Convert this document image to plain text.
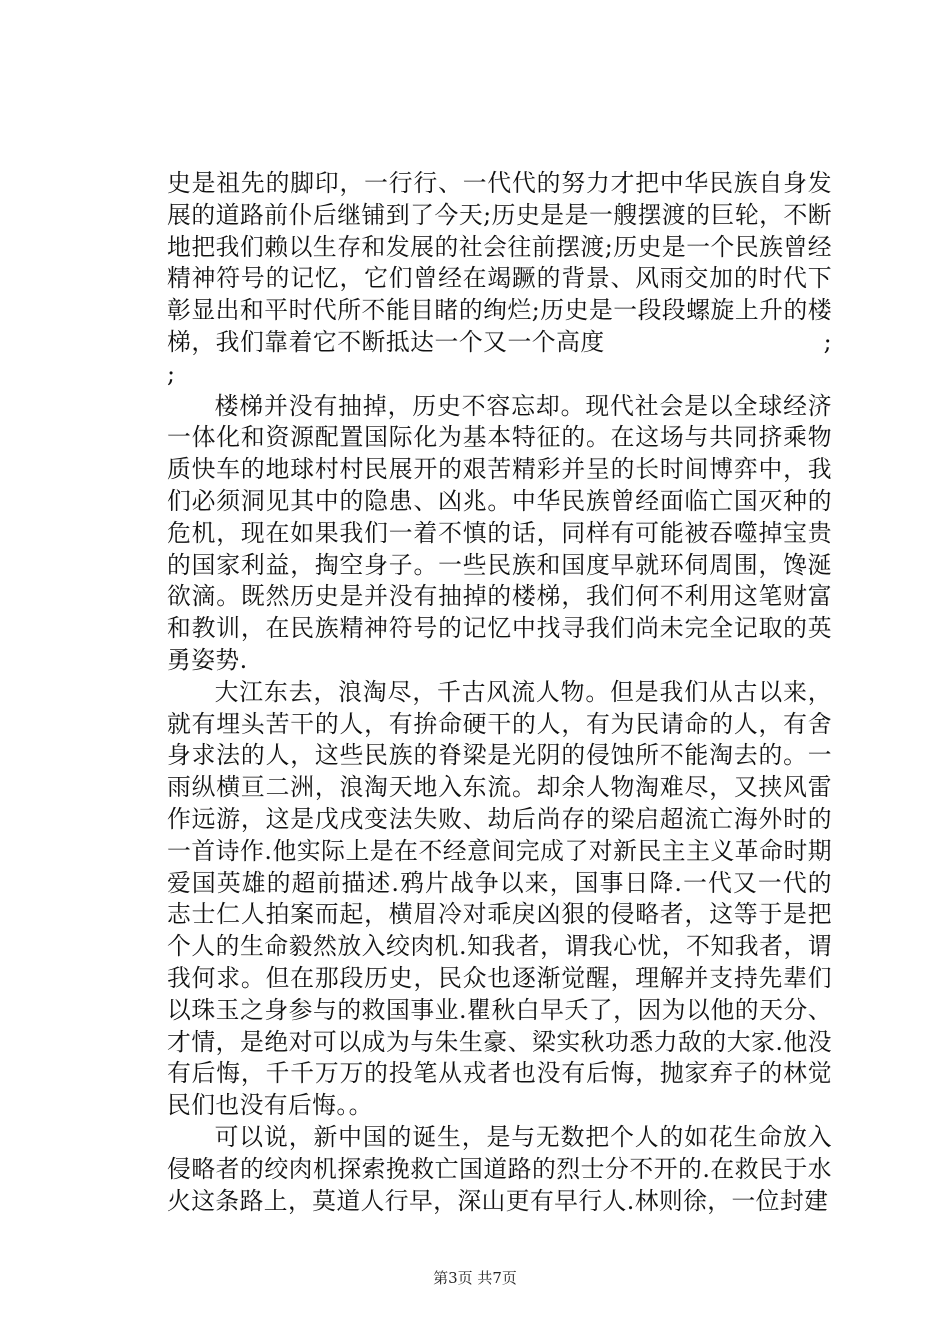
史是祖先的脚印，一行行、一代代的努力才把中华民族自身发展的道路前仆后继铺到了今天;历史是是一艘摆渡的巨轮，不断地把我们赖以生存和发展的社会往前摆渡;历史是一个民族曾经精神符号的记忆，它们曾经在竭蹶的背景、风雨交加的时代下彰显出和平时代所不能目睹的绚烂;历史是一段段螺旋上升的楼梯，我们靠着它不断抵达一个又一个高度　　　　　　　　　;　;

楼梯并没有抽掉，历史不容忘却。现代社会是以全球经济一体化和资源配置国际化为基本特征的。在这场与共同挤乘物质快车的地球村村民展开的艰苦精彩并呈的长时间博弈中，我们必须洞见其中的隐患、凶兆。中华民族曾经面临亡国灭种的危机，现在如果我们一着不慎的话，同样有可能被吞噬掉宝贵的国家利益，掏空身子。一些民族和国度早就环伺周围，馋涎欲滴。既然历史是并没有抽掉的楼梯，我们何不利用这笔财富和教训，在民族精神符号的记忆中找寻我们尚未完全记取的英勇姿势.

大江东去，浪淘尽，千古风流人物。但是我们从古以来，就有埋头苦干的人，有拚命硬干的人，有为民请命的人，有舍身求法的人，这些民族的脊梁是光阴的侵蚀所不能淘去的。一雨纵横亘二洲，浪淘天地入东流。却余人物淘难尽，又挟风雷作远游，这是戊戌变法失败、劫后尚存的梁启超流亡海外时的一首诗作.他实际上是在不经意间完成了对新民主主义革命时期爱国英雄的超前描述.鸦片战争以来，国事日降.一代又一代的志士仁人拍案而起，横眉冷对乖戾凶狠的侵略者，这等于是把个人的生命毅然放入绞肉机.知我者，谓我心忧，不知我者，谓我何求。但在那段历史，民众也逐渐觉醒，理解并支持先辈们以珠玉之身参与的救国事业.瞿秋白早夭了，因为以他的天分、才情，是绝对可以成为与朱生豪、梁实秋功悉力敌的大家.他没有后悔，千千万万的投笔从戎者也没有后悔，抛家弃子的林觉民们也没有后悔。。

可以说，新中国的诞生，是与无数把个人的如花生命放入侵略者的绞肉机探索挽救亡国道路的烈士分不开的.在救民于水火这条路上，莫道人行早，深山更有早行人.林则徐，一位封建

第3页 共7页
